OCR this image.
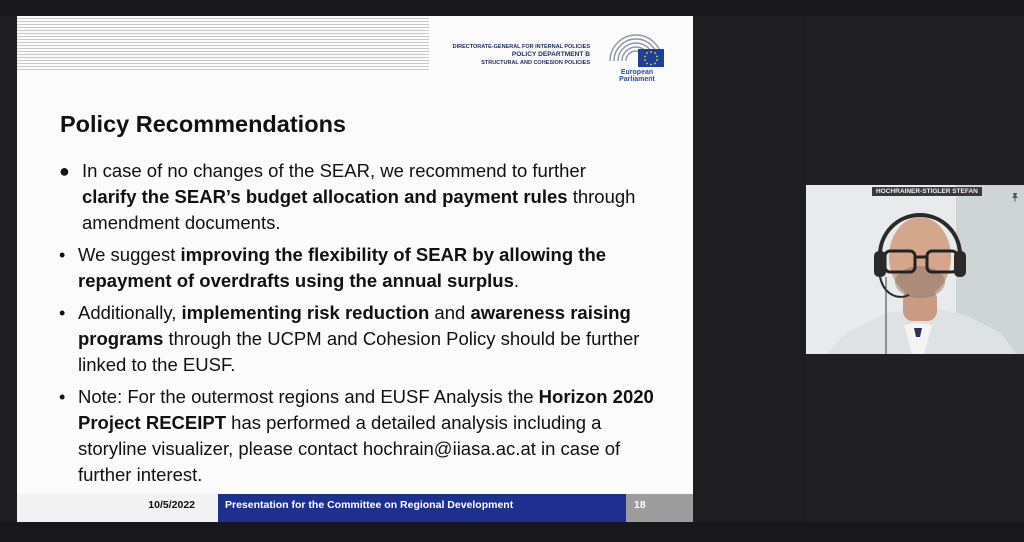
DIRECTORATE-GENERAL FOR INTERNAL POLICIES
POLICY DEPARTMENT B
STRUCTURAL AND COHESION POLICIES
European Parliament
Policy Recommendations
● In case of no changes of the SEAR, we recommend to further
clarify the SEAR’s budget allocation and payment rules through amendment documents.
• We suggest improving the flexibility of SEAR by allowing the repayment of overdrafts using the annual surplus.
• Additionally, implementing risk reduction and awareness raising programs through the UCPM and Cohesion Policy should be further linked to the EUSF.
• Note: For the outermost regions and EUSF Analysis the Horizon 2020 Project RECEIPT has performed a detailed analysis including a storyline visualizer, please contact hochrain@iiasa.ac.at in case of further interest.
10/5/2022	Presentation for the Committee on Regional Development	18
HOCHRAINER-STIGLER STEFAN
